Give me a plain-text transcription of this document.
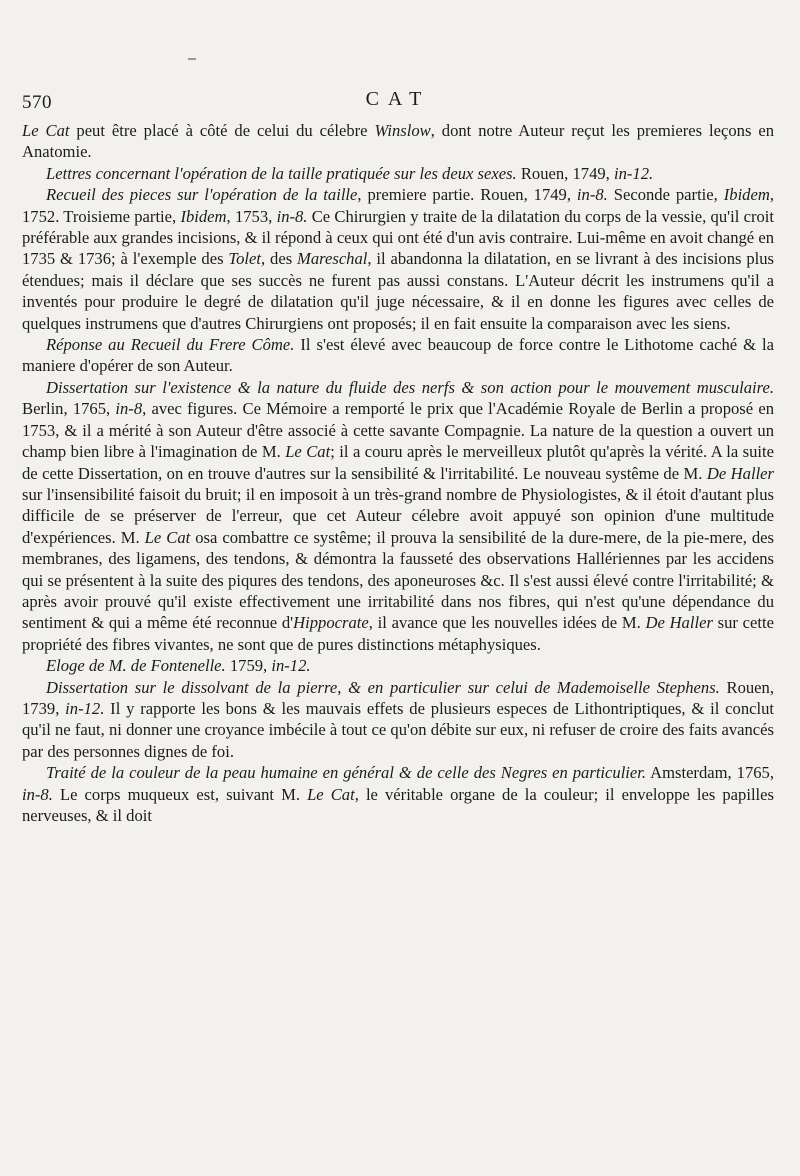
570	CAT

Le Cat peut être placé à côté de celui du célebre Winslow, dont notre Auteur reçut les premieres leçons en Anatomie.

Lettres concernant l'opération de la taille pratiquée sur les deux sexes. Rouen, 1749, in-12.

Recueil des pieces sur l'opération de la taille, premiere partie. Rouen, 1749, in-8. Seconde partie, Ibidem, 1752. Troisieme partie, Ibidem, 1753, in-8. Ce Chirurgien y traite de la dilatation du corps de la vessie, qu'il croit préférable aux grandes incisions, & il répond à ceux qui ont été d'un avis contraire. Lui-même en avoit changé en 1735 & 1736; à l'exemple des Tolet, des Mareschal, il abandonna la dilatation, en se livrant à des incisions plus étendues; mais il déclare que ses succès ne furent pas aussi constans. L'Auteur décrit les instrumens qu'il a inventés pour produire le degré de dilatation qu'il juge nécessaire, & il en donne les figures avec celles de quelques instrumens que d'autres Chirurgiens ont proposés; il en fait ensuite la comparaison avec les siens.

Réponse au Recueil du Frere Côme. Il s'est élevé avec beaucoup de force contre le Lithotome caché & la maniere d'opérer de son Auteur.

Dissertation sur l'existence & la nature du fluide des nerfs & son action pour le mouvement musculaire. Berlin, 1765, in-8, avec figures. Ce Mémoire a remporté le prix que l'Académie Royale de Berlin a proposé en 1753, & il a mérité à son Auteur d'être associé à cette savante Compagnie. La nature de la question a ouvert un champ bien libre à l'imagination de M. Le Cat; il a couru après le merveilleux plutôt qu'après la vérité. A la suite de cette Dissertation, on en trouve d'autres sur la sensibilité & l'irritabilité. Le nouveau systême de M. De Haller sur l'insensibilité faisoit du bruit; il en imposoit à un très-grand nombre de Physiologistes, & il étoit d'autant plus difficile de se préserver de l'erreur, que cet Auteur célebre avoit appuyé son opinion d'une multitude d'expériences. M. Le Cat osa combattre ce systême; il prouva la sensibilité de la dure-mere, de la pie-mere, des membranes, des ligamens, des tendons, & démontra la fausseté des observations Hallériennes par les accidens qui se présentent à la suite des piqures des tendons, des aponeuroses &c. Il s'est aussi élevé contre l'irritabilité; & après avoir prouvé qu'il existe effectivement une irritabilité dans nos fibres, qui n'est qu'une dépendance du sentiment & qui a même été reconnue d'Hippocrate, il avance que les nouvelles idées de M. De Haller sur cette propriété des fibres vivantes, ne sont que de pures distinctions métaphysiques.

Eloge de M. de Fontenelle. 1759, in-12.

Dissertation sur le dissolvant de la pierre, & en particulier sur celui de Mademoiselle Stephens. Rouen, 1739, in-12. Il y rapporte les bons & les mauvais effets de plusieurs especes de Lithontriptiques, & il conclut qu'il ne faut, ni donner une croyance imbécile à tout ce qu'on débite sur eux, ni refuser de croire des faits avancés par des personnes dignes de foi.

Traité de la couleur de la peau humaine en général & de celle des Negres en particulier. Amsterdam, 1765, in-8. Le corps muqueux est, suivant M. Le Cat, le véritable organe de la couleur; il enveloppe les papilles nerveuses, & il doit
